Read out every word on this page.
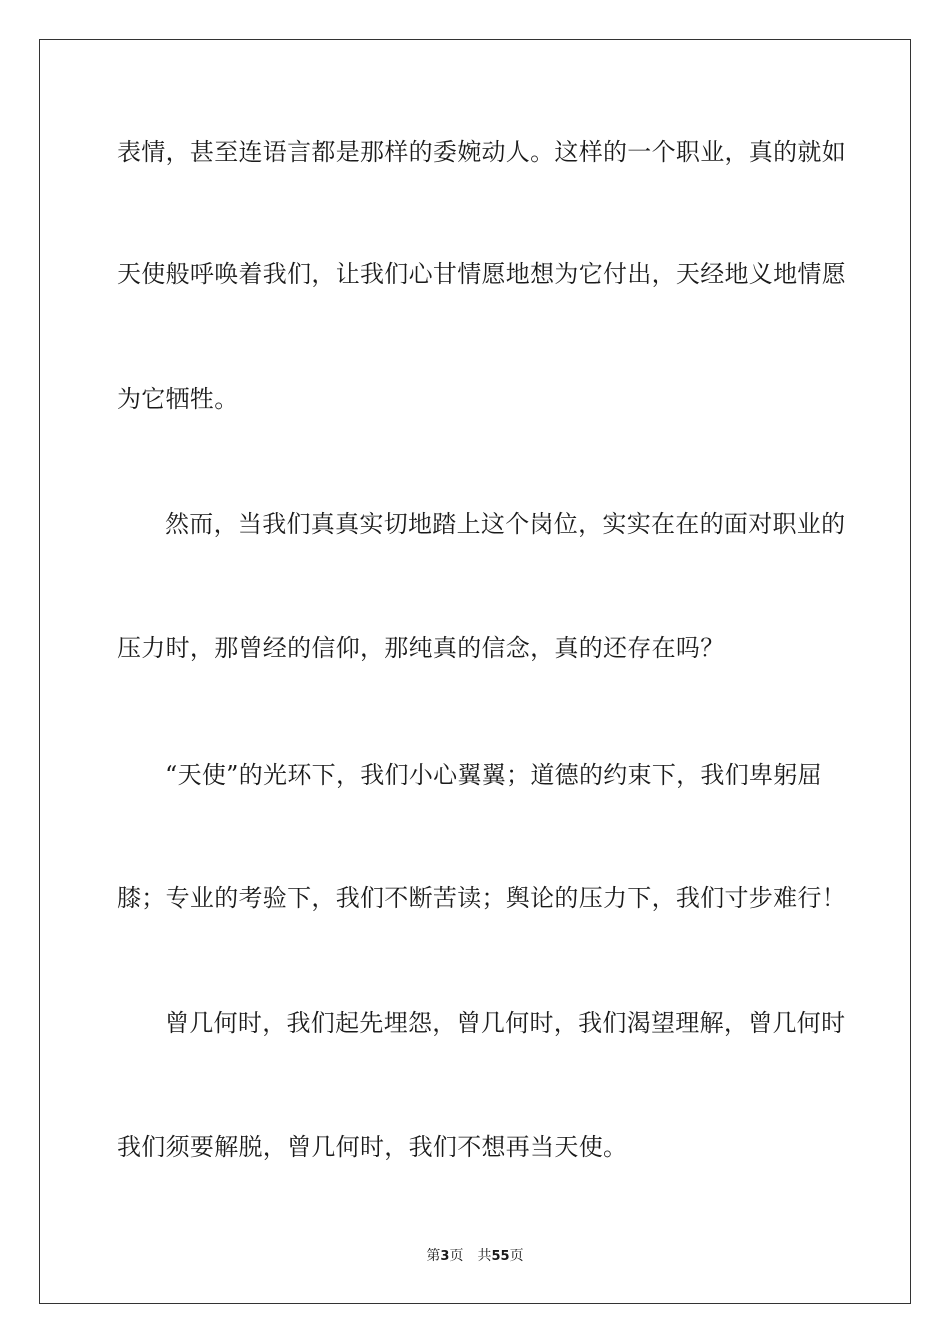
表情，甚至连语言都是那样的委婉动人。这样的一个职业，真的就如
天使般呼唤着我们，让我们心甘情愿地想为它付出，天经地义地情愿
为它牺牲。
然而，当我们真真实切地踏上这个岗位，实实在在的面对职业的
压力时，那曾经的信仰，那纯真的信念，真的还存在吗？
“天使”的光环下，我们小心翼翼；道德的约束下，我们卑躬屈
膝；专业的考验下，我们不断苦读；舆论的压力下，我们寸步难行！
曾几何时，我们起先埋怨，曾几何时，我们渴望理解，曾几何时
我们须要解脱，曾几何时，我们不想再当天使。
第3页 共55页
